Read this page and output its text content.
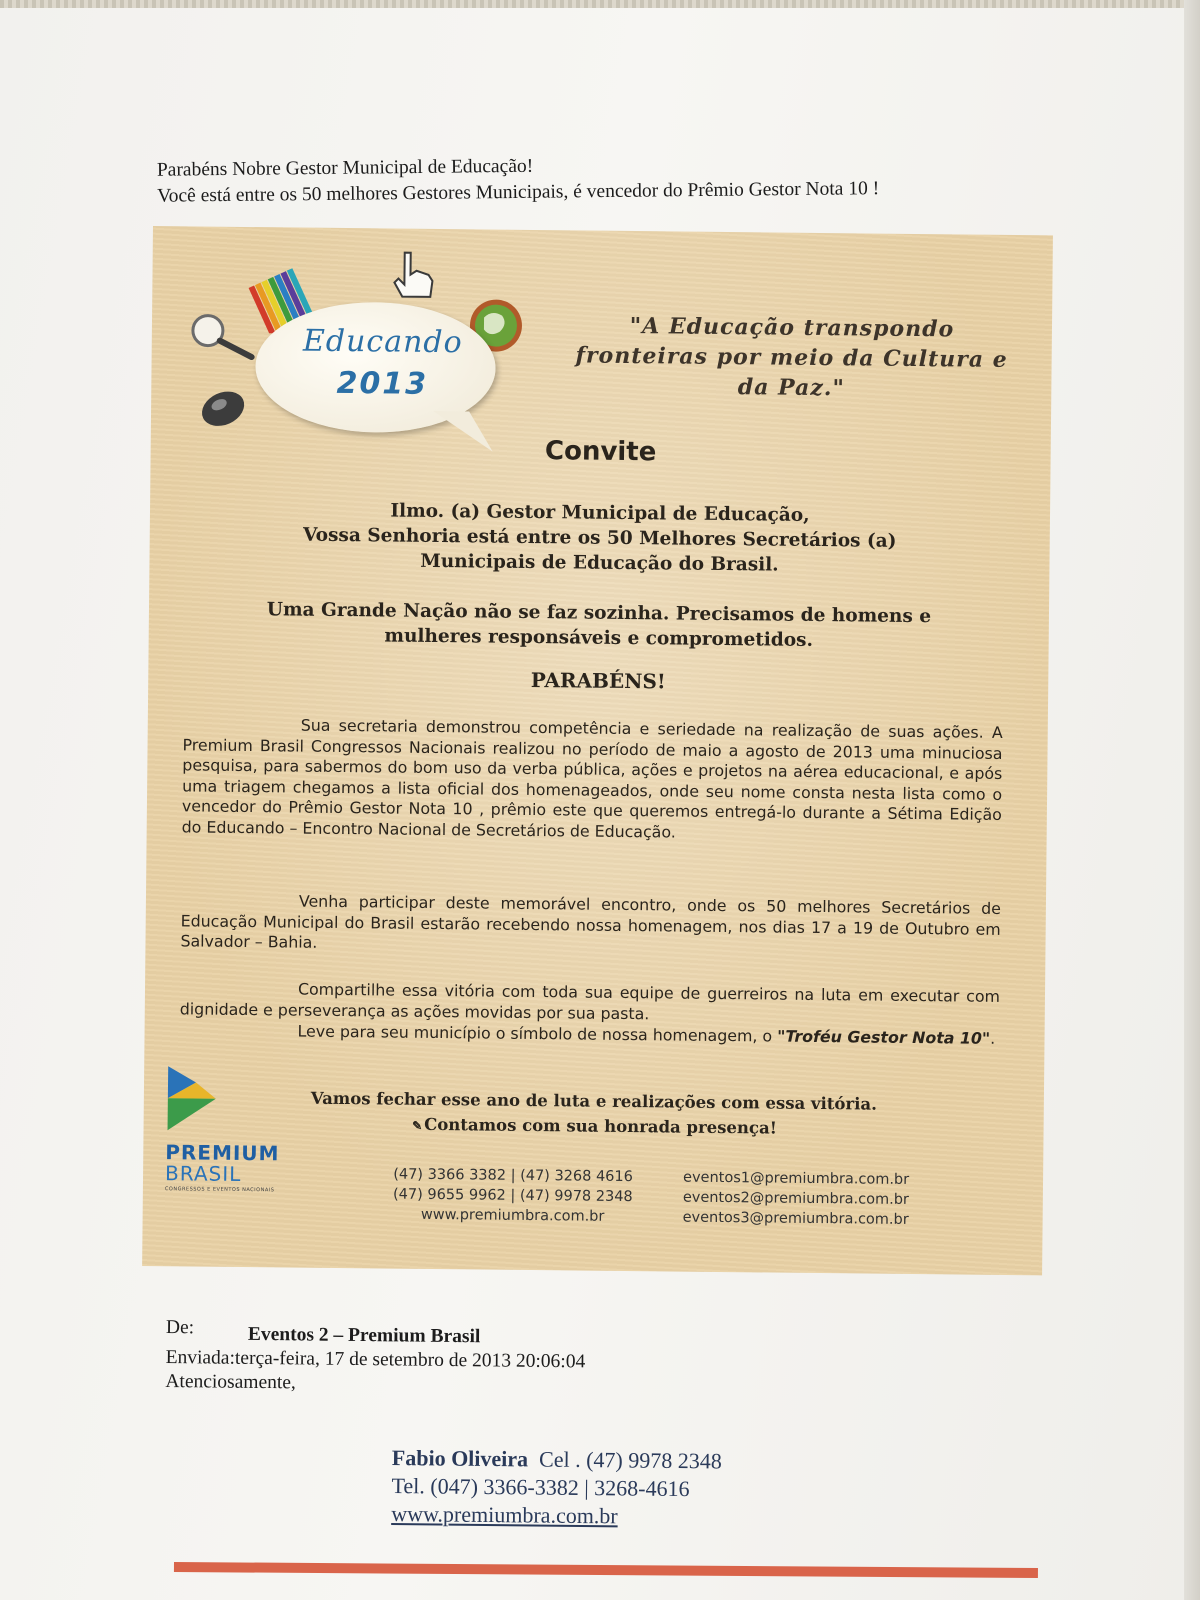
Parabéns Nobre Gestor Municipal de Educação!
Você está entre os 50 melhores Gestores Municipais, é vencedor do Prêmio Gestor Nota 10 !
Educando
2013
"A Educação transpondo
fronteiras por meio da Cultura e
da Paz."
Convite
Ilmo. (a) Gestor Municipal de Educação,
Vossa Senhoria está entre os 50 Melhores Secretários (a)
Municipais de Educação do Brasil.
Uma Grande Nação não se faz sozinha. Precisamos de homens e
mulheres responsáveis e comprometidos.
PARABÉNS!
Sua secretaria demonstrou competência e seriedade na realização de suas ações. A Premium Brasil Congressos Nacionais realizou no período de maio a agosto de 2013 uma minuciosa pesquisa, para sabermos do bom uso da verba pública, ações e projetos na aérea educacional, e após uma triagem chegamos a lista oficial dos homenageados, onde seu nome consta nesta lista como o vencedor do Prêmio Gestor Nota 10 , prêmio este que queremos entregá-lo durante a Sétima Edição do Educando – Encontro Nacional de Secretários de Educação.
Venha participar deste memorável encontro, onde os 50 melhores Secretários de Educação Municipal do Brasil estarão recebendo nossa homenagem, nos dias 17 a 19 de Outubro em Salvador – Bahia.
Compartilhe essa vitória com toda sua equipe de guerreiros na luta em executar com dignidade e perseverança as ações movidas por sua pasta.
Leve para seu município o símbolo de nossa homenagem, o "Troféu Gestor Nota 10".
Vamos fechar esse ano de luta e realizações com essa vitória.
✎ Contamos com sua honrada presença!
PREMIUM
BRASIL
CONGRESSOS E EVENTOS NACIONAIS
(47) 3366 3382 | (47) 3268 4616
(47) 9655 9962 | (47) 9978 2348
www.premiumbra.com.br
eventos1@premiumbra.com.br
eventos2@premiumbra.com.br
eventos3@premiumbra.com.br
De:	Eventos 2 – Premium Brasil
Enviada:terça-feira, 17 de setembro de 2013 20:06:04
Atenciosamente,
Fabio Oliveira Cel . (47) 9978 2348
Tel. (047) 3366-3382 | 3268-4616
www.premiumbra.com.br
